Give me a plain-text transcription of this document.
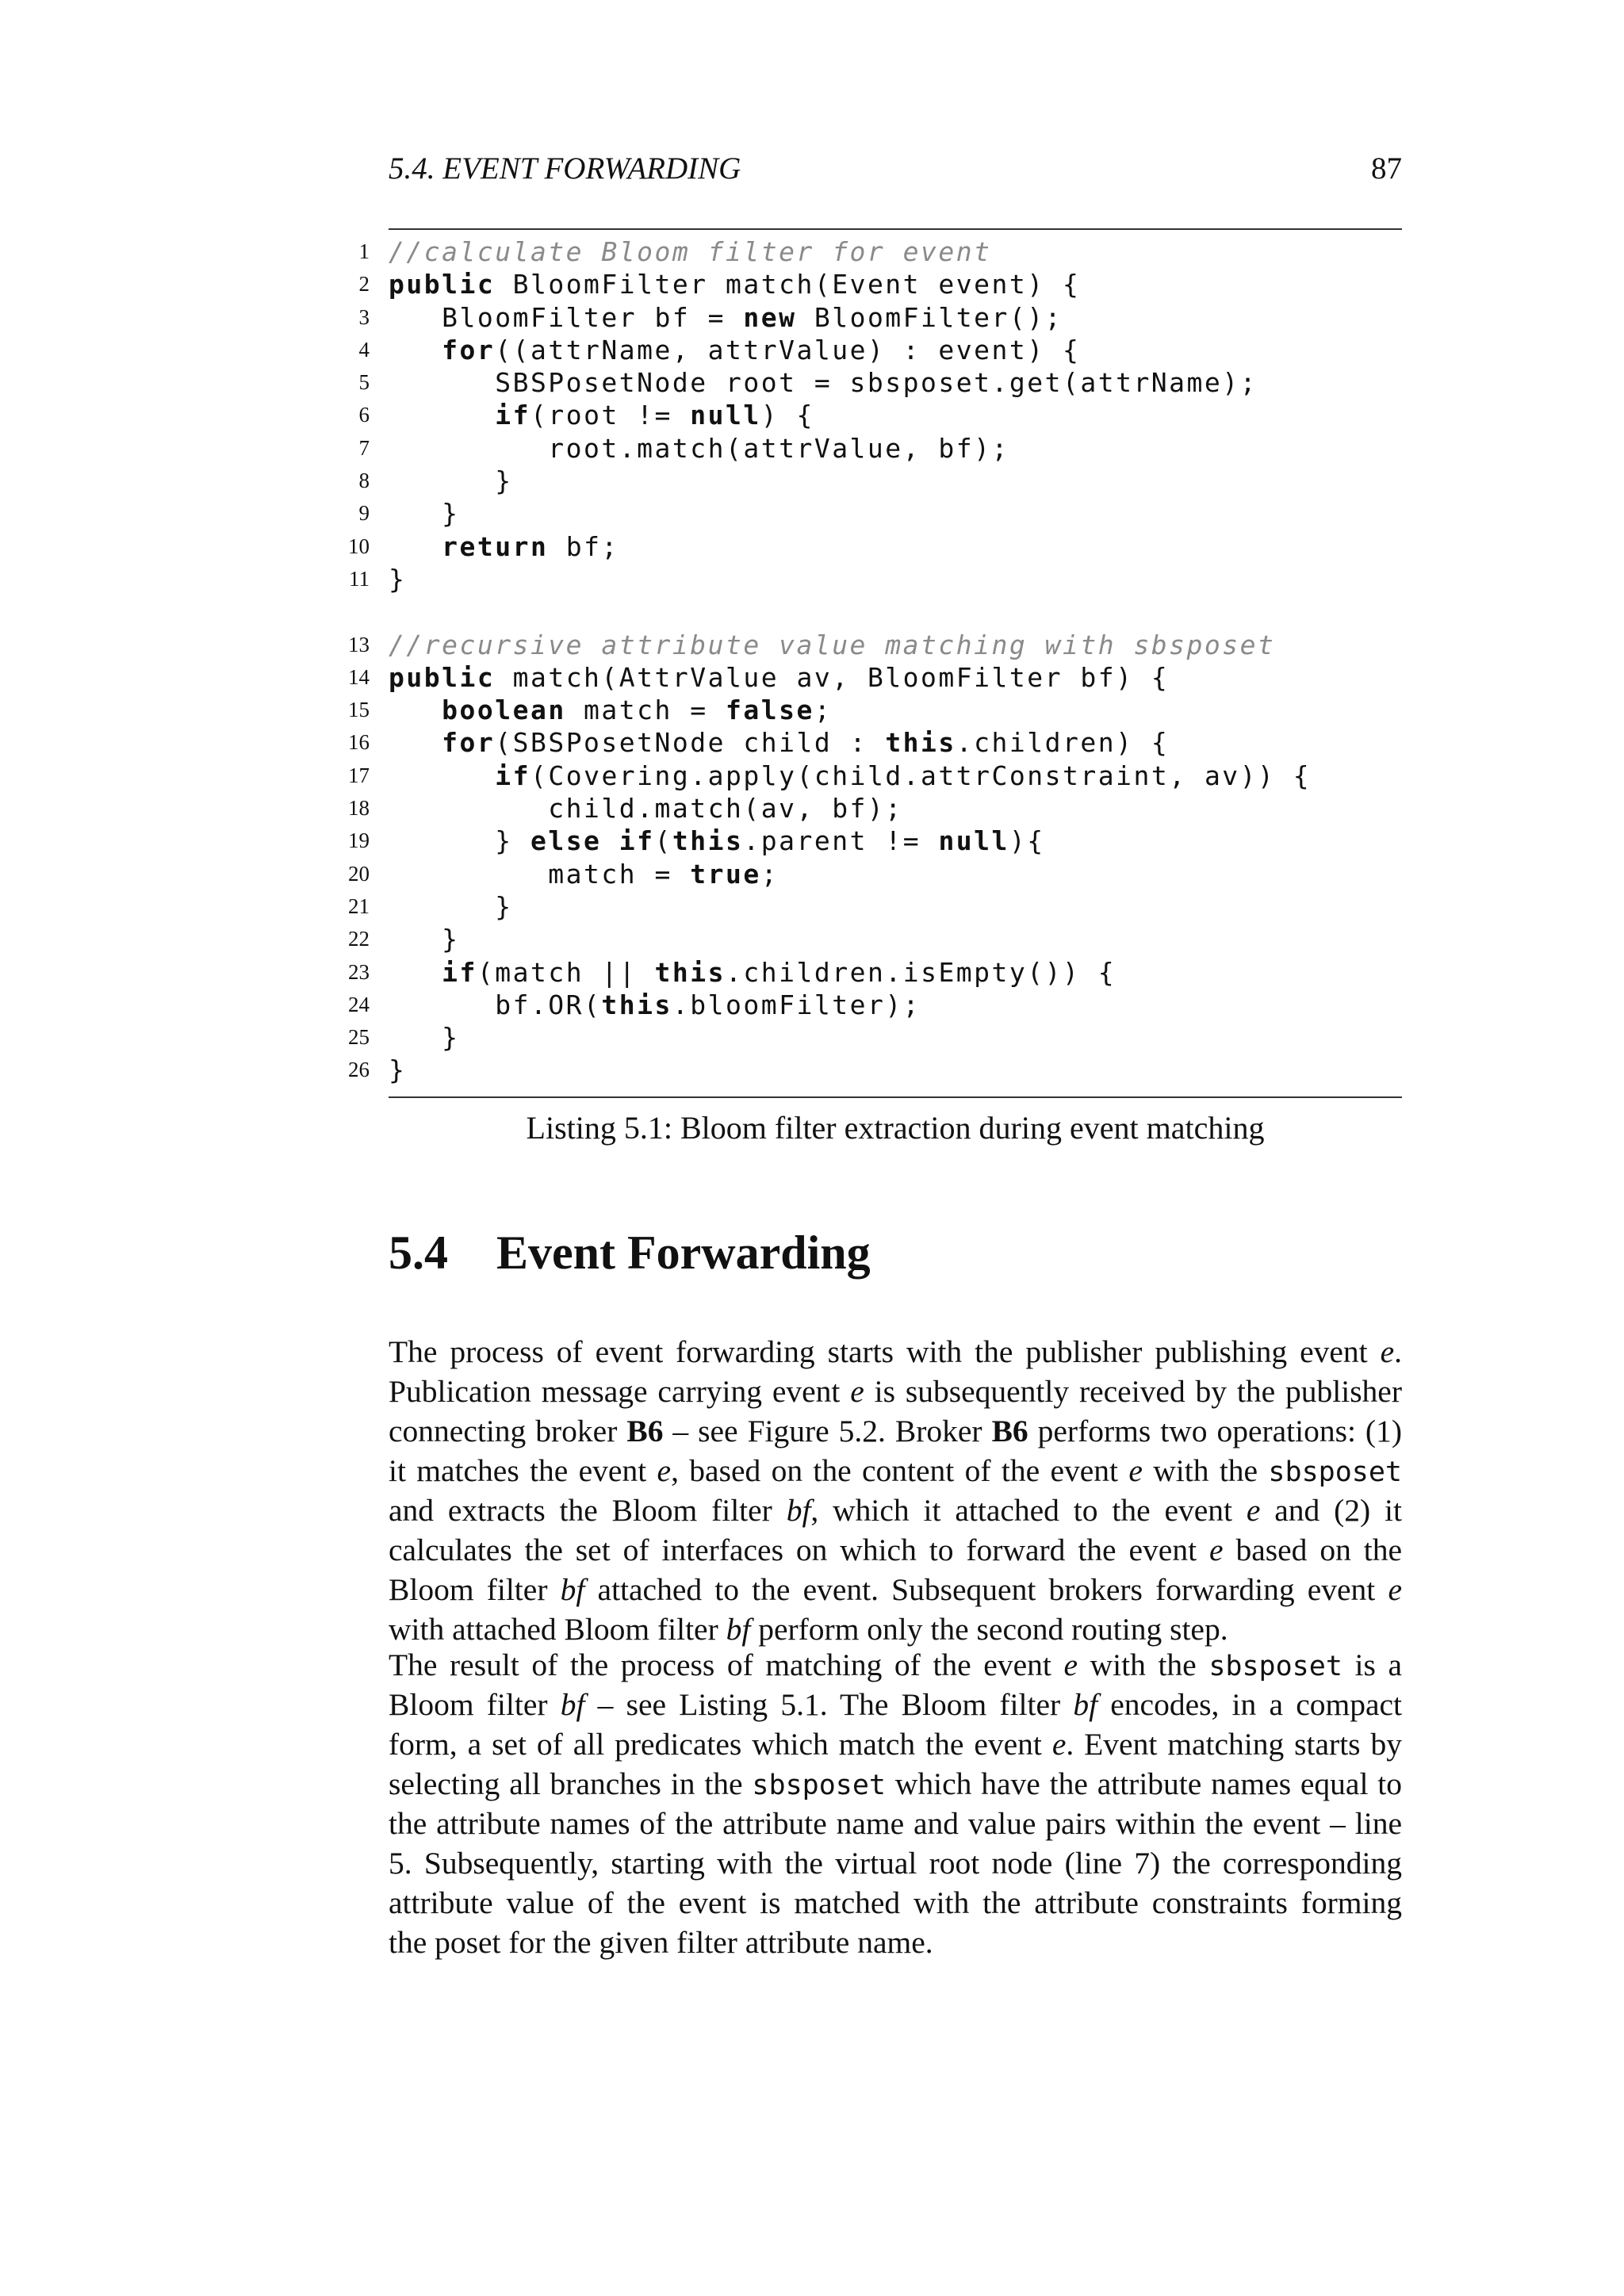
5.4. EVENT FORWARDING	87
1 //calculate Bloom filter for event
2 public BloomFilter match(Event event) {
3 BloomFilter bf = new BloomFilter();
4	for((attrName, attrValue) : event) {
5 SBSPosetNode root = sbsposet.get(attrName);
6	if(root != null) {
7 root.match(attrValue, bf);
8 }
9 }
10	return bf;
11 }
13 //recursive attribute value matching with sbsposet
14 public match(AttrValue av, BloomFilter bf) {
15	boolean match = false;
16	for(SBSPosetNode child : this.children) {
17	if(Covering.apply(child.attrConstraint, av)) {
18 child.match(av, bf);
19 } else if(this.parent != null){
20 match = true;
21 }
22 }
23	if(match || this.children.isEmpty()) {
24 bf.OR(this.bloomFilter);
25 }
26 }
Listing 5.1: Bloom filter extraction during event matching
5.4 Event Forwarding
The process of event forwarding starts with the publisher publishing event e.
Publication message carrying event e is subsequently received by the publisher
connecting broker B6 – see Figure 5.2. Broker B6 performs two operations: (1)
it matches the event e, based on the content of the event e with the sbsposet
and extracts the Bloom filter bf, which it attached to the event e and (2) it
calculates the set of interfaces on which to forward the event e based on the
Bloom filter bf attached to the event. Subsequent brokers forwarding event e
with attached Bloom filter bf perform only the second routing step.
The result of the process of matching of the event e with the sbsposet is a
Bloom filter bf – see Listing 5.1. The Bloom filter bf encodes, in a compact
form, a set of all predicates which match the event e. Event matching starts by
selecting all branches in the sbsposet which have the attribute names equal to
the attribute names of the attribute name and value pairs within the event – line
5. Subsequently, starting with the virtual root node (line 7) the corresponding
attribute value of the event is matched with the attribute constraints forming
the poset for the given filter attribute name.
